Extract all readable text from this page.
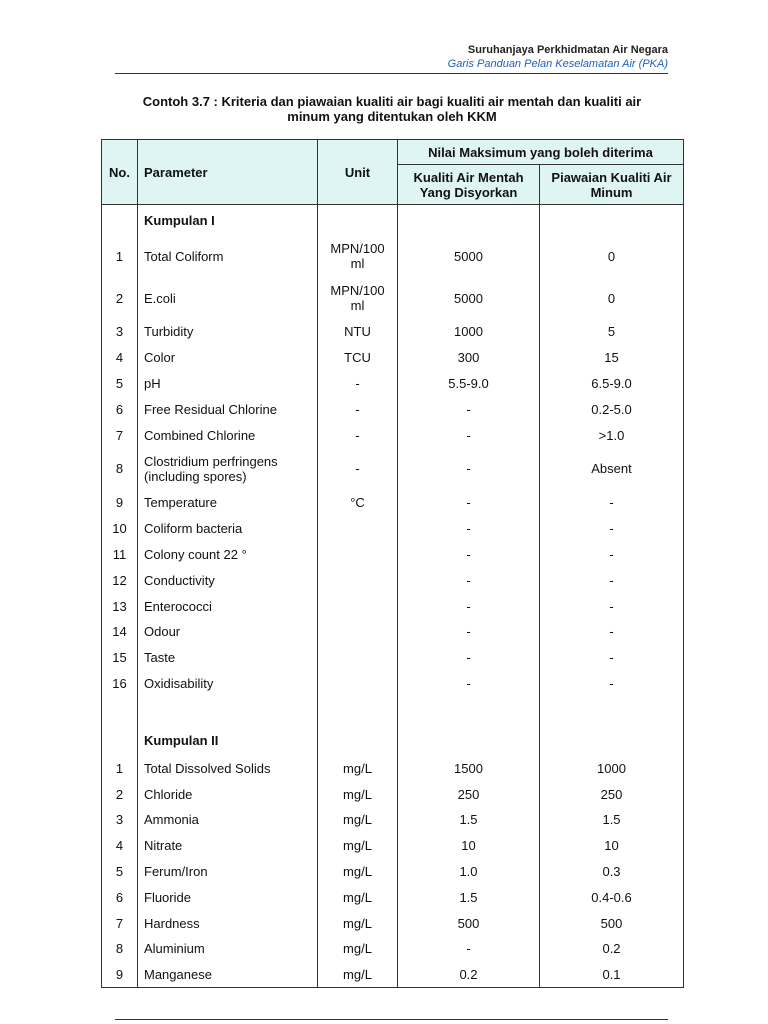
Suruhanjaya Perkhidmatan Air Negara
Garis Panduan Pelan Keselamatan Air (PKA)
Contoh 3.7 : Kriteria dan piawaian kualiti air bagi kualiti air mentah dan kualiti air
minum yang ditentukan oleh KKM
No.	Parameter	Unit	Nilai Maksimum yang boleh diterima	
			Kualiti Air Mentah Yang Disyorkan	Piawaian Kualiti Air Minum
	Kumpulan I			
1	Total Coliform	MPN/100 ml	5000	0
2	E.coli	MPN/100 ml	5000	0
3	Turbidity	NTU	1000	5
4	Color	TCU	300	15
5	pH	-	5.5-9.0	6.5-9.0
6	Free Residual Chlorine	-	-	0.2-5.0
7	Combined Chlorine	-	-	>1.0
8	Clostridium perfringens (including spores)	-	-	Absent
9	Temperature	°C	-	-
10	Coliform bacteria		-	-
11	Colony count 22 °		-	-
12	Conductivity		-	-
13	Enterococci		-	-
14	Odour		-	-
15	Taste		-	-
16	Oxidisability		-	-

	Kumpulan II			
1	Total Dissolved Solids	mg/L	1500	1000
2	Chloride	mg/L	250	250
3	Ammonia	mg/L	1.5	1.5
4	Nitrate	mg/L	10	10
5	Ferum/Iron	mg/L	1.0	0.3
6	Fluoride	mg/L	1.5	0.4-0.6
7	Hardness	mg/L	500	500
8	Aluminium	mg/L	-	0.2
9	Manganese	mg/L	0.2	0.1
